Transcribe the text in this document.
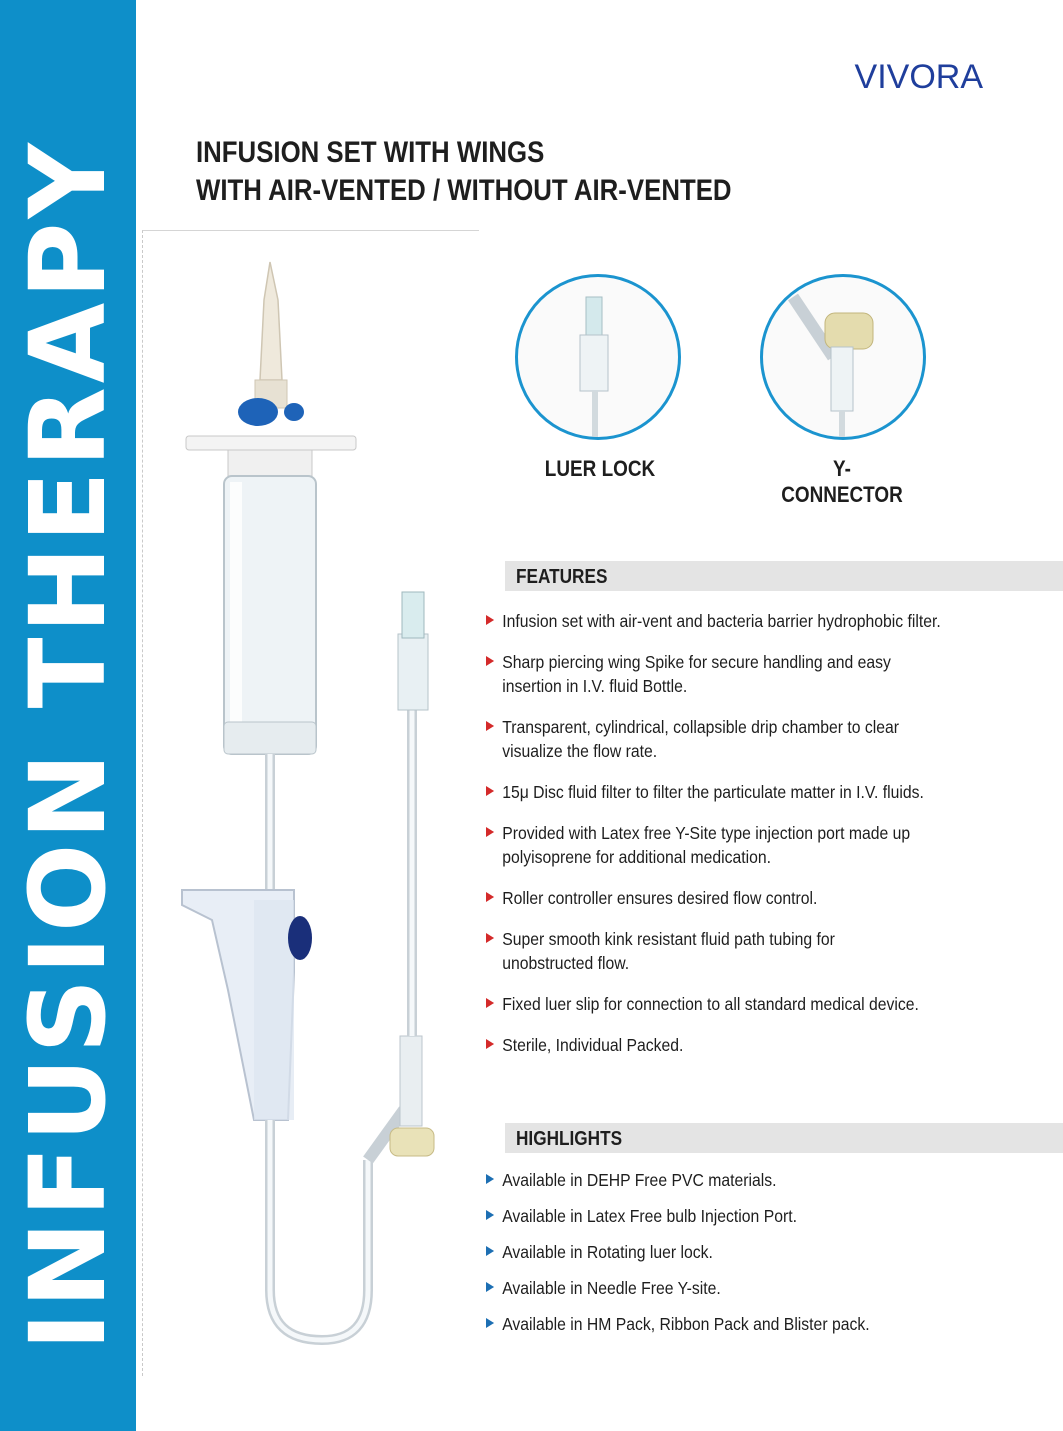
INFUSION THERAPY
VIVORA
INFUSION SET WITH WINGS
WITH AIR-VENTED / WITHOUT AIR-VENTED
LUER LOCK	Y-CONNECTOR
FEATURES
Infusion set with air-vent and bacteria barrier hydrophobic filter.
Sharp piercing wing Spike for secure handling and easy insertion in I.V. fluid Bottle.
Transparent, cylindrical, collapsible drip chamber to clear visualize the flow rate.
15μ Disc fluid filter to filter the particulate matter in I.V. fluids.
Provided with Latex free Y-Site type injection port made up polyisoprene for additional medication.
Roller controller ensures desired flow control.
Super smooth kink resistant fluid path tubing for unobstructed flow.
Fixed luer slip for connection to all standard medical device.
Sterile, Individual Packed.
HIGHLIGHTS
Available in DEHP Free PVC materials.
Available in Latex Free bulb Injection Port.
Available in Rotating luer lock.
Available in Needle Free Y-site.
Available in HM Pack, Ribbon Pack and Blister pack.
